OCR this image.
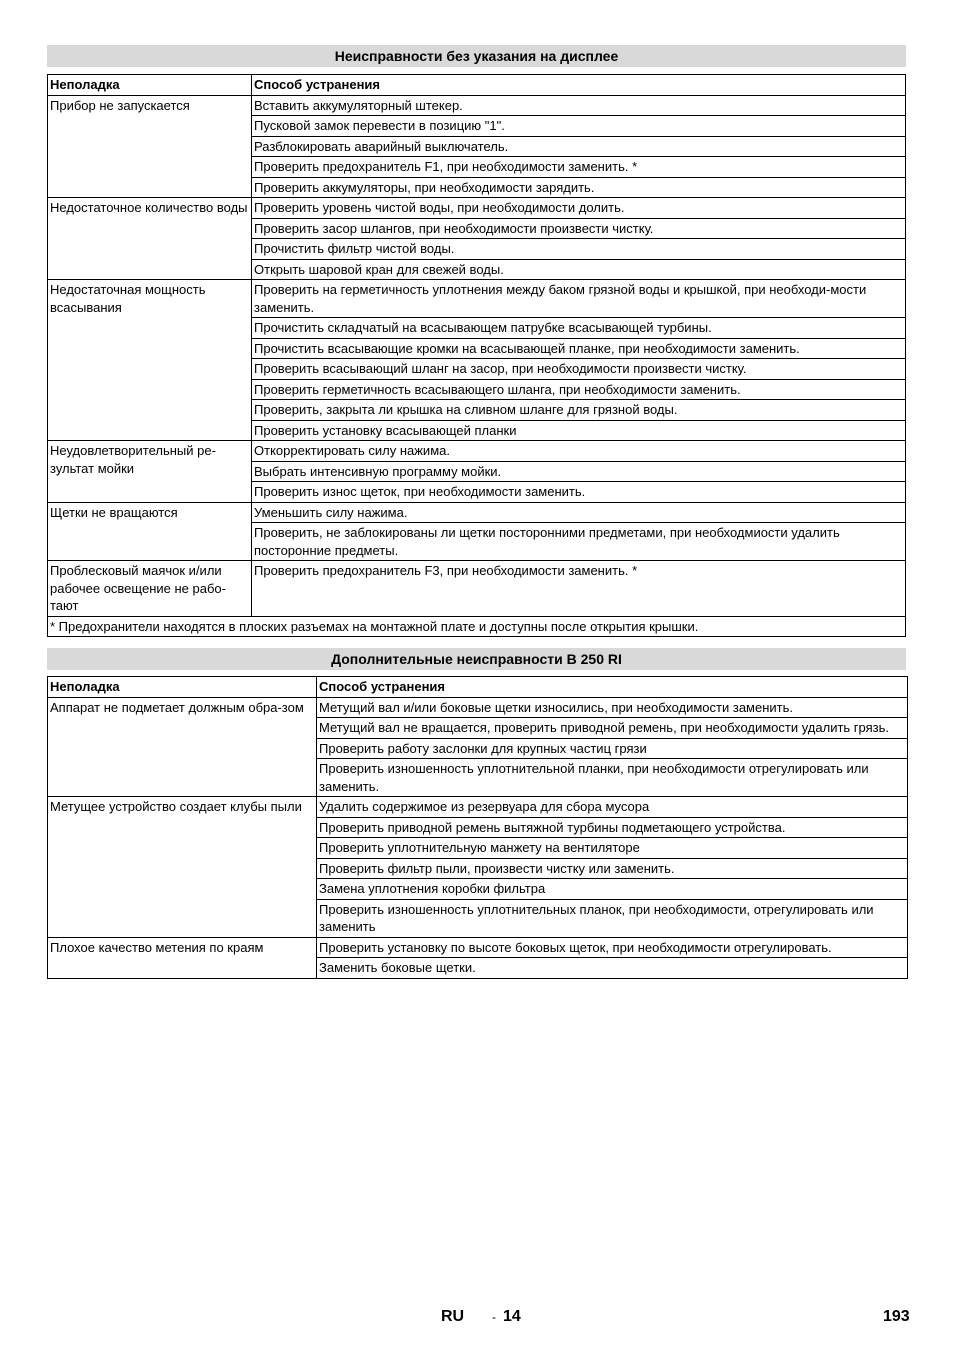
Неисправности без указания на дисплее
Неполадка	Способ устранения
Прибор не запускается	Вставить аккумуляторный штекер.
	Пусковой замок перевести в позицию "1".
	Разблокировать аварийный выключатель.
	Проверить предохранитель F1, при необходимости заменить. *
	Проверить аккумуляторы, при необходимости зарядить.
Недостаточное количество воды	Проверить уровень чистой воды, при необходимости долить.
	Проверить засор шлангов, при необходимости произвести чистку.
	Прочистить фильтр чистой воды.
	Открыть шаровой кран для свежей воды.
Недостаточная мощность всасывания	Проверить на герметичность уплотнения между баком грязной воды и крышкой, при необходи-мости заменить.
	Прочистить складчатый на всасывающем патрубке всасывающей турбины.
	Прочистить всасывающие кромки на всасывающей планке, при необходимости заменить.
	Проверить всасывающий шланг на засор, при необходимости произвести чистку.
	Проверить герметичность всасывающего шланга, при необходимости заменить.
	Проверить, закрыта ли крышка на сливном шланге для грязной воды.
	Проверить установку всасывающей планки
Неудовлетворительный ре-зультат мойки	Откорректировать силу нажима.
	Выбрать интенсивную программу мойки.
	Проверить износ щеток, при необходимости заменить.
Щетки не вращаются	Уменьшить силу нажима.
	Проверить, не заблокированы ли щетки посторонними предметами, при необходмиости удалить посторонние предметы.
Проблесковый маячок и/или рабочее освещение не рабо-тают	Проверить предохранитель F3, при необходимости заменить. *
* Предохранители находятся в плоских разъемах на монтажной плате и доступны после открытия крышки.	
Дополнительные неисправности B 250 RI
Неполадка	Способ устранения
Аппарат не подметает должным обра-зом	Метущий вал и/или боковые щетки износились, при необходимости заменить.
	Метущий вал не вращается, проверить приводной ремень, при необходимости удалить грязь.
	Проверить работу заслонки для крупных частиц грязи
	Проверить изношенность уплотнительной планки, при необходимости отрегулировать или заменить.
Метущее устройство создает клубы пыли	Удалить содержимое из резервуара для сбора мусора
	Проверить приводной ремень вытяжной турбины подметающего устройства.
	Проверить уплотнительную манжету на вентиляторе
	Проверить фильтр пыли, произвести чистку или заменить.
	Замена уплотнения коробки фильтра
	Проверить изношенность уплотнительных планок, при необходимости, отрегулировать или заменить
Плохое качество метения по краям	Проверить установку по высоте боковых щеток, при необходимости отрегулировать.
	Заменить боковые щетки.
RU - 14	193
